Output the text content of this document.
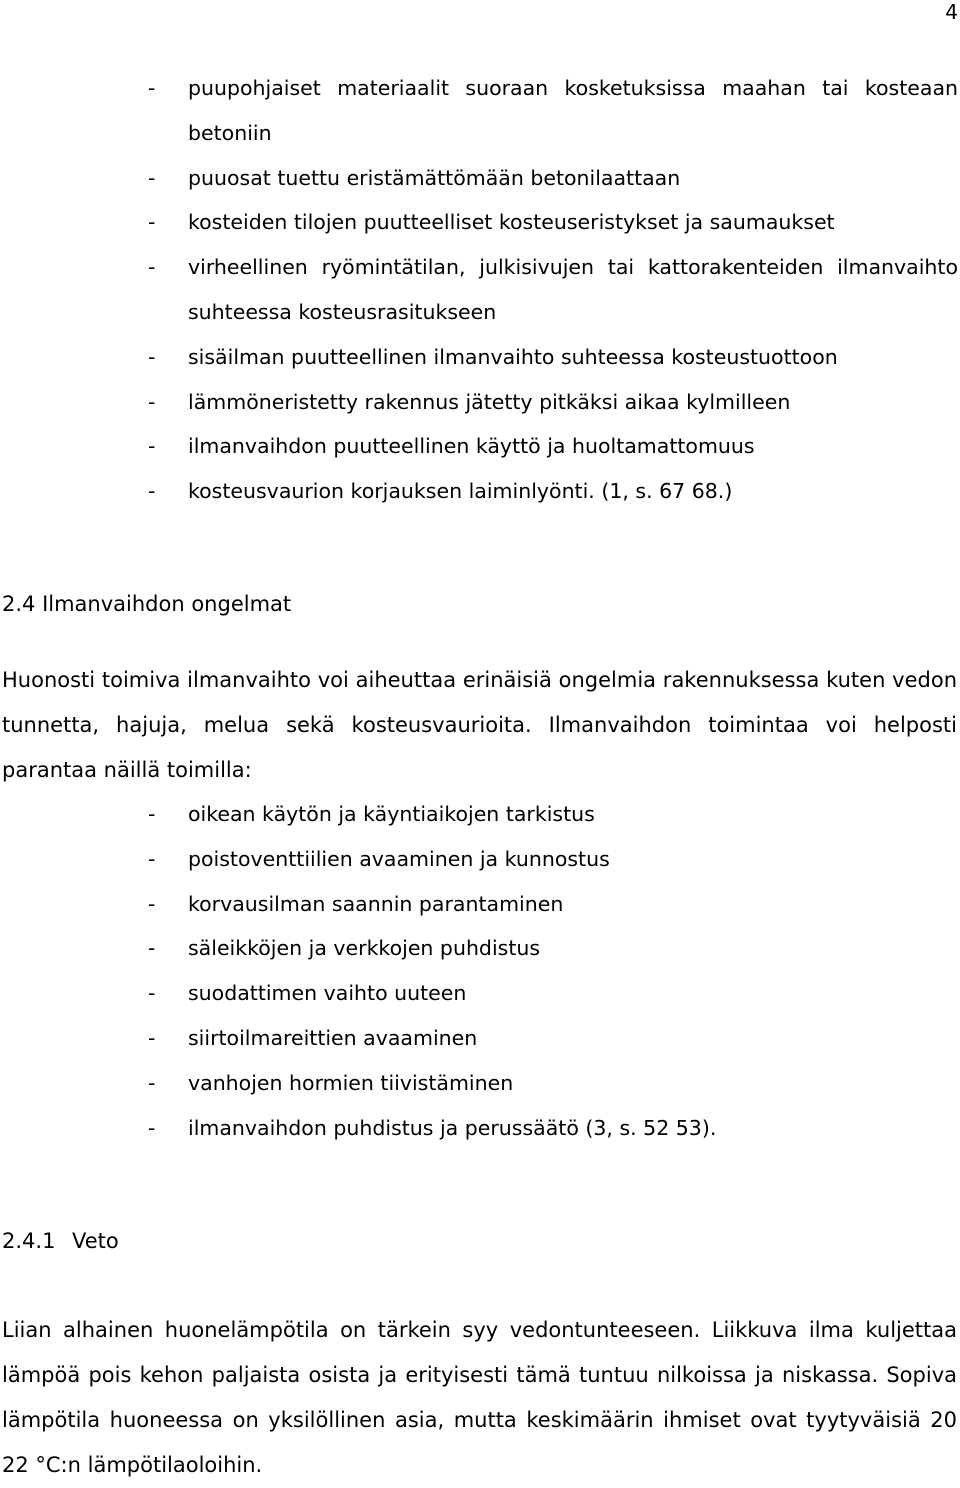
4
- puupohjaiset materiaalit suoraan kosketuksissa maahan tai kosteaan betoniin
- puuosat tuettu eristämättömään betonilaattaan
- kosteiden tilojen puutteelliset kosteuseristykset ja saumaukset
- virheellinen ryömintätilan, julkisivujen tai kattorakenteiden ilmanvaihto suhteessa kosteusrasitukseen
- sisäilman puutteellinen ilmanvaihto suhteessa kosteustuottoon
- lämmöneristetty rakennus jätetty pitkäksi aikaa kylmilleen
- ilmanvaihdon puutteellinen käyttö ja huoltamattomuus
- kosteusvaurion korjauksen laiminlyönti. (1, s. 67 68.)
2.4 Ilmanvaihdon ongelmat

Huonosti toimiva ilmanvaihto voi aiheuttaa erinäisiä ongelmia rakennuksessa kuten vedon tunnetta, hajuja, melua sekä kosteusvaurioita. Ilmanvaihdon toimintaa voi helposti parantaa näillä toimilla:

- oikean käytön ja käyntiaikojen tarkistus
- poistoventtiilien avaaminen ja kunnostus
- korvausilman saannin parantaminen
- säleikköjen ja verkkojen puhdistus
- suodattimen vaihto uuteen
- siirtoilmareittien avaaminen
- vanhojen hormien tiivistäminen
- ilmanvaihdon puhdistus ja perussäätö (3, s. 52 53).
2.4.1 Veto

Liian alhainen huonelämpötila on tärkein syy vedontunteeseen. Liikkuva ilma kuljettaa lämpöä pois kehon paljaista osista ja erityisesti tämä tuntuu nilkoissa ja niskassa. Sopiva lämpötila huoneessa on yksilöllinen asia, mutta keskimäärin ihmiset ovat tyytyväisiä 20 22 °C:n lämpötilaoloihin.
